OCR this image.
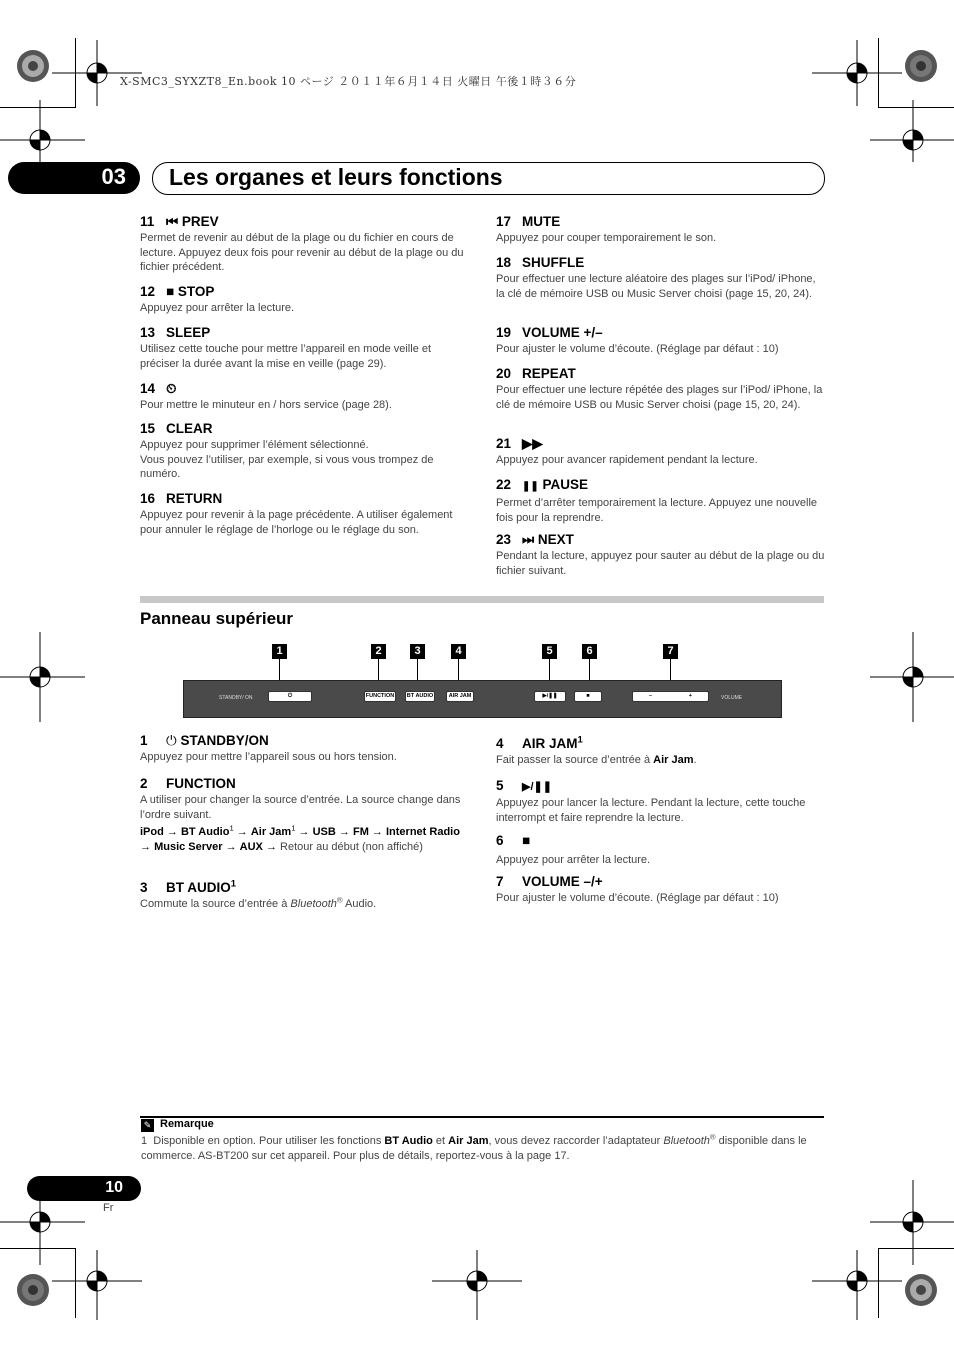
X-SMC3_SYXZT8_En.book 10 ページ ２０１１年６月１４日 火曜日 午後１時３６分
03 Les organes et leurs fonctions
11 ⏮ PREV

Permet de revenir au début de la plage ou du fichier en cours de lecture. Appuyez deux fois pour revenir au début de la plage ou du fichier précédent.

12 ■ STOP

Appuyez pour arrêter la lecture.

13 SLEEP

Utilisez cette touche pour mettre l’appareil en mode veille et préciser la durée avant la mise en veille (page 29).

14 ⏲

Pour mettre le minuteur en / hors service (page 28).

15 CLEAR

Appuyez pour supprimer l’élément sélectionné.
Vous pouvez l’utiliser, par exemple, si vous vous trompez de numéro.

16 RETURN

Appuyez pour revenir à la page précédente. A utiliser également pour annuler le réglage de l’horloge ou le réglage du son.

17 MUTE

Appuyez pour couper temporairement le son.

18 SHUFFLE

Pour effectuer une lecture aléatoire des plages sur l’iPod/ iPhone, la clé de mémoire USB ou Music Server choisi (page 15, 20, 24).

19 VOLUME +/–

Pour ajuster le volume d’écoute. (Réglage par défaut : 10)

20 REPEAT

Pour effectuer une lecture répétée des plages sur l’iPod/ iPhone, la clé de mémoire USB ou Music Server choisi (page 15, 20, 24).

21 ▶▶

Appuyez pour avancer rapidement pendant la lecture.

22 ❚❚ PAUSE

Permet d’arrêter temporairement la lecture. Appuyez une nouvelle fois pour la reprendre.

23 ⏭ NEXT

Pendant la lecture, appuyez pour sauter au début de la plage ou du fichier suivant.

Panneau supérieur
1	2	3	4	5	6	7
STANDBY/ ON	⏻	FUNCTION	BT AUDIO	AIR JAM	▶/❚❚	■	–	+	VOLUME
1 ⏻ STANDBY/ON

Appuyez pour mettre l’appareil sous ou hors tension.

2 FUNCTION

A utiliser pour changer la source d’entrée. La source change dans l’ordre suivant.

iPod → BT Audio$^1$ → Air Jam$^1$ → USB → FM → Internet Radio → Music Server → AUX → Retour au début (non affiché)

3 BT AUDIO$^1$

Commute la source d’entrée à Bluetooth® Audio.

4 AIR JAM$^1$

Fait passer la source d’entrée à Air Jam.

5 ▶/❚❚

Appuyez pour lancer la lecture. Pendant la lecture, cette touche interrompt et faire reprendre la lecture.

6 ■

Appuyez pour arrêter la lecture.

7 VOLUME –/+

Pour ajuster le volume d’écoute. (Réglage par défaut : 10)

✎ Remarque
1 Disponible en option. Pour utiliser les fonctions BT Audio et Air Jam, vous devez raccorder l’adaptateur Bluetooth® disponible dans le commerce. AS-BT200 sur cet appareil. Pour plus de détails, reportez-vous à la page 17.
10
Fr
